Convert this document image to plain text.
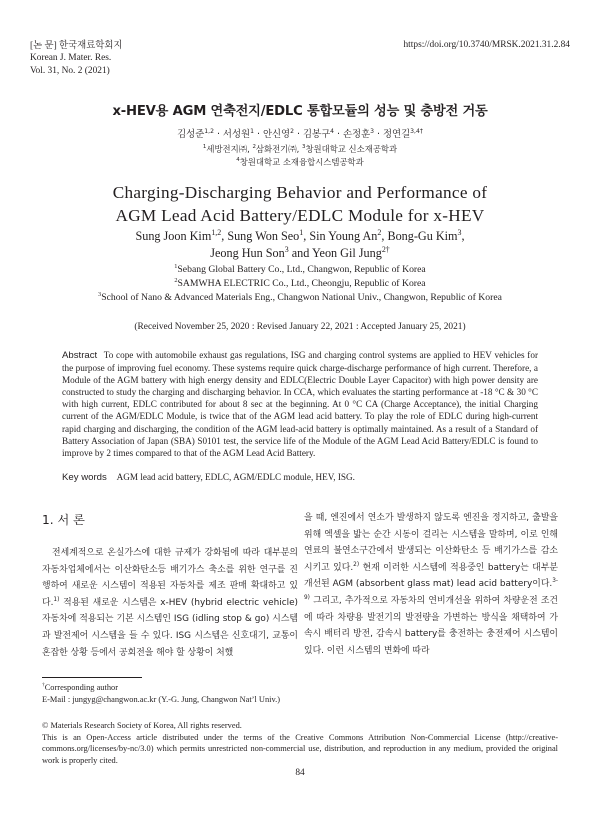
[논 문] 한국재료학회지
Korean J. Mater. Res.
Vol. 31, No. 2 (2021)
https://doi.org/10.3740/MRSK.2021.31.2.84
x-HEV용 AGM 연축전지/EDLC 통합모듈의 성능 및 충방전 거동
김성준$^{1,2}$ · 서성원$^1$ · 안신영$^2$ · 김봉구$^4$ · 손정훈$^3$ · 정연길$^{3,4\dagger}$
$^1$세방전지㈜, $^2$삼화전기㈜, $^3$창원대학교 신소재공학과
$^4$창원대학교 소재융합시스템공학과
Charging-Discharging Behavior and Performance of
AGM Lead Acid Battery/EDLC Module for x-HEV
Sung Joon Kim$^{1,2}$, Sung Won Seo$^1$, Sin Young An$^2$, Bong-Gu Kim$^3$,
Jeong Hun Son$^3$ and Yeon Gil Jung$^{2\dagger}$
$^1$Sebang Global Battery Co., Ltd., Changwon, Republic of Korea
$^2$SAMWHA ELECTRIC Co., Ltd., Cheongju, Republic of Korea
$^3$School of Nano & Advanced Materials Eng., Changwon National Univ., Changwon, Republic of Korea
(Received November 25, 2020 : Revised January 22, 2021 : Accepted January 25, 2021)
Abstract To cope with automobile exhaust gas regulations, ISG and charging control systems are applied to HEV vehicles for the purpose of improving fuel economy. These systems require quick charge-discharge performance of high current. Therefore, a Module of the AGM battery with high energy density and EDLC(Electric Double Layer Capacitor) with high power density are constructed to study the charging and discharging behavior. In CCA, which evaluates the starting performance at -18 °C & 30 °C with high current, EDLC contributed for about 8 sec at the beginning. At 0 °C CA (Charge Acceptance), the initial Charging current of the AGM/EDLC Module, is twice that of the AGM lead acid battery. To play the role of EDLC during high-current rapid charging and discharging, the condition of the AGM lead-acid battery is optimally maintained. As a result of a Standard of Battery Association of Japan (SBA) S0101 test, the service life of the Module of the AGM Lead Acid Battery/EDLC is found to improve by 2 times compared to that of the AGM Lead Acid Battery.
Key words AGM lead acid battery, EDLC, AGM/EDLC module, HEV, ISG.
1. 서 론
전세계적으로 온실가스에 대한 규제가 강화됨에 따라 대부분의 자동차업체에서는 이산화탄소등 배기가스 축소를 위한 연구를 진행하여 새로운 시스템이 적용된 자동차를 제조 판매 확대하고 있다.$^{1)}$ 적용된 새로운 시스템은 x-HEV (hybrid electric vehicle)자동차에 적용되는 기본 시스템인 ISG (idling stop & go) 시스템과 발전제어 시스템을 들 수 있다. ISG 시스템은 신호대기, 교통이 혼잡한 상황 등에서 공회전을 해야 할 상황이 처했
을 때, 엔진에서 연소가 발생하지 않도록 엔진을 정지하고, 출발을 위해 엑셀을 밟는 순간 시동이 걸리는 시스템을 말하며, 이로 인해 연료의 불연소구간에서 발생되는 이산화탄소 등 배기가스를 감소시키고 있다.$^{2)}$ 현재 이러한 시스템에 적용중인 battery는 대부분 개선된 AGM (absorbent glass mat) lead acid battery이다.$^{3-9)}$ 그리고, 추가적으로 자동차의 연비개선을 위하여 차량운전 조건에 따라 차량용 발전기의 발전량을 가변하는 방식을 채택하여 가속시 배터리 방전, 감속시 battery를 충전하는 충전제어 시스템이 있다. 이런 시스템의 변화에 따라
†Corresponding author
E-Mail : jungyg@changwon.ac.kr (Y.-G. Jung, Changwon Nat’l Univ.)
© Materials Research Society of Korea, All rights reserved.
This is an Open-Access article distributed under the terms of the Creative Commons Attribution Non-Commercial License (http://creative-commons.org/licenses/by-nc/3.0) which permits unrestricted non-commercial use, distribution, and reproduction in any medium, provided the original work is properly cited.
84
